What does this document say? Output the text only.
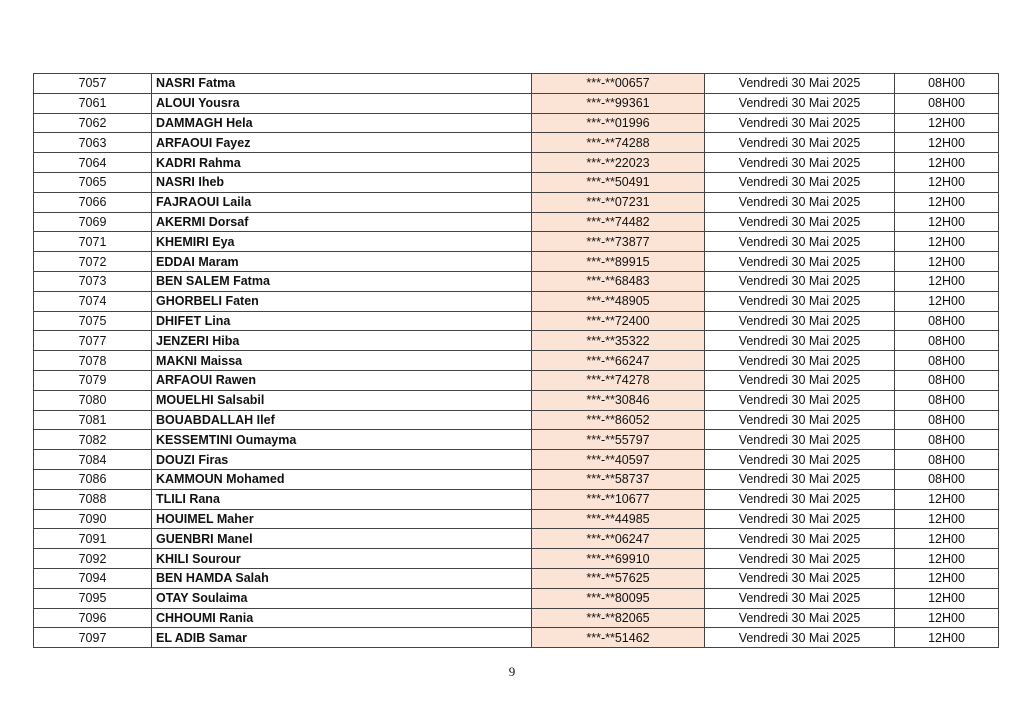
7057	NASRI Fatma	***-**00657	Vendredi 30 Mai 2025	08H00
7061	ALOUI Yousra	***-**99361	Vendredi 30 Mai 2025	08H00
7062	DAMMAGH Hela	***-**01996	Vendredi 30 Mai 2025	12H00
7063	ARFAOUI Fayez	***-**74288	Vendredi 30 Mai 2025	12H00
7064	KADRI Rahma	***-**22023	Vendredi 30 Mai 2025	12H00
7065	NASRI Iheb	***-**50491	Vendredi 30 Mai 2025	12H00
7066	FAJRAOUI Laila	***-**07231	Vendredi 30 Mai 2025	12H00
7069	AKERMI Dorsaf	***-**74482	Vendredi 30 Mai 2025	12H00
7071	KHEMIRI Eya	***-**73877	Vendredi 30 Mai 2025	12H00
7072	EDDAI Maram	***-**89915	Vendredi 30 Mai 2025	12H00
7073	BEN SALEM Fatma	***-**68483	Vendredi 30 Mai 2025	12H00
7074	GHORBELI Faten	***-**48905	Vendredi 30 Mai 2025	12H00
7075	DHIFET Lina	***-**72400	Vendredi 30 Mai 2025	08H00
7077	JENZERI Hiba	***-**35322	Vendredi 30 Mai 2025	08H00
7078	MAKNI Maissa	***-**66247	Vendredi 30 Mai 2025	08H00
7079	ARFAOUI Rawen	***-**74278	Vendredi 30 Mai 2025	08H00
7080	MOUELHI Salsabil	***-**30846	Vendredi 30 Mai 2025	08H00
7081	BOUABDALLAH Ilef	***-**86052	Vendredi 30 Mai 2025	08H00
7082	KESSEMTINI Oumayma	***-**55797	Vendredi 30 Mai 2025	08H00
7084	DOUZI Firas	***-**40597	Vendredi 30 Mai 2025	08H00
7086	KAMMOUN Mohamed	***-**58737	Vendredi 30 Mai 2025	08H00
7088	TLILI Rana	***-**10677	Vendredi 30 Mai 2025	12H00
7090	HOUIMEL Maher	***-**44985	Vendredi 30 Mai 2025	12H00
7091	GUENBRI Manel	***-**06247	Vendredi 30 Mai 2025	12H00
7092	KHILI Sourour	***-**69910	Vendredi 30 Mai 2025	12H00
7094	BEN HAMDA Salah	***-**57625	Vendredi 30 Mai 2025	12H00
7095	OTAY Soulaima	***-**80095	Vendredi 30 Mai 2025	12H00
7096	CHHOUMI Rania	***-**82065	Vendredi 30 Mai 2025	12H00
7097	EL ADIB Samar	***-**51462	Vendredi 30 Mai 2025	12H00
9
